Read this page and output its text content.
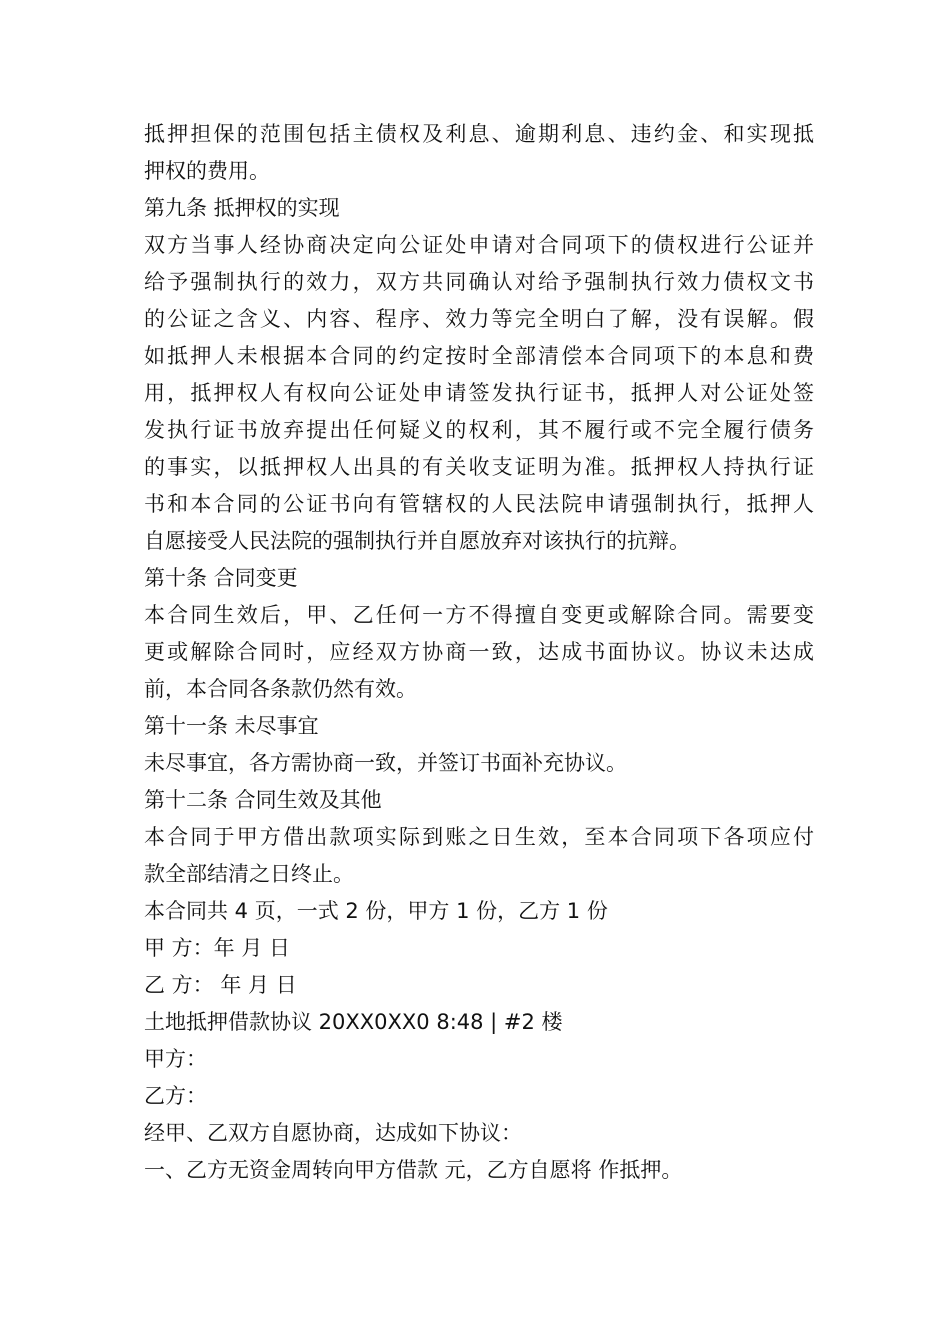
抵押担保的范围包括主债权及利息、逾期利息、违约金、和实现抵
押权的费用。
第九条 抵押权的实现
双方当事人经协商决定向公证处申请对合同项下的债权进行公证并
给予强制执行的效力，双方共同确认对给予强制执行效力债权文书
的公证之含义、内容、程序、效力等完全明白了解，没有误解。假
如抵押人未根据本合同的约定按时全部清偿本合同项下的本息和费
用，抵押权人有权向公证处申请签发执行证书，抵押人对公证处签
发执行证书放弃提出任何疑义的权利，其不履行或不完全履行债务
的事实，以抵押权人出具的有关收支证明为准。抵押权人持执行证
书和本合同的公证书向有管辖权的人民法院申请强制执行，抵押人
自愿接受人民法院的强制执行并自愿放弃对该执行的抗辩。
第十条 合同变更
本合同生效后，甲、乙任何一方不得擅自变更或解除合同。需要变
更或解除合同时，应经双方协商一致，达成书面协议。协议未达成
前，本合同各条款仍然有效。
第十一条 未尽事宜
未尽事宜，各方需协商一致，并签订书面补充协议。
第十二条 合同生效及其他
本合同于甲方借出款项实际到账之日生效，至本合同项下各项应付
款全部结清之日终止。
本合同共 4 页，一式 2 份，甲方 1 份，乙方 1 份
甲 方：年 月 日
乙 方： 年 月 日
土地抵押借款协议 20XX0XX0 8:48 | #2 楼
甲方：
乙方：
经甲、乙双方自愿协商，达成如下协议：
一、乙方无资金周转向甲方借款 元，乙方自愿将 作抵押。
